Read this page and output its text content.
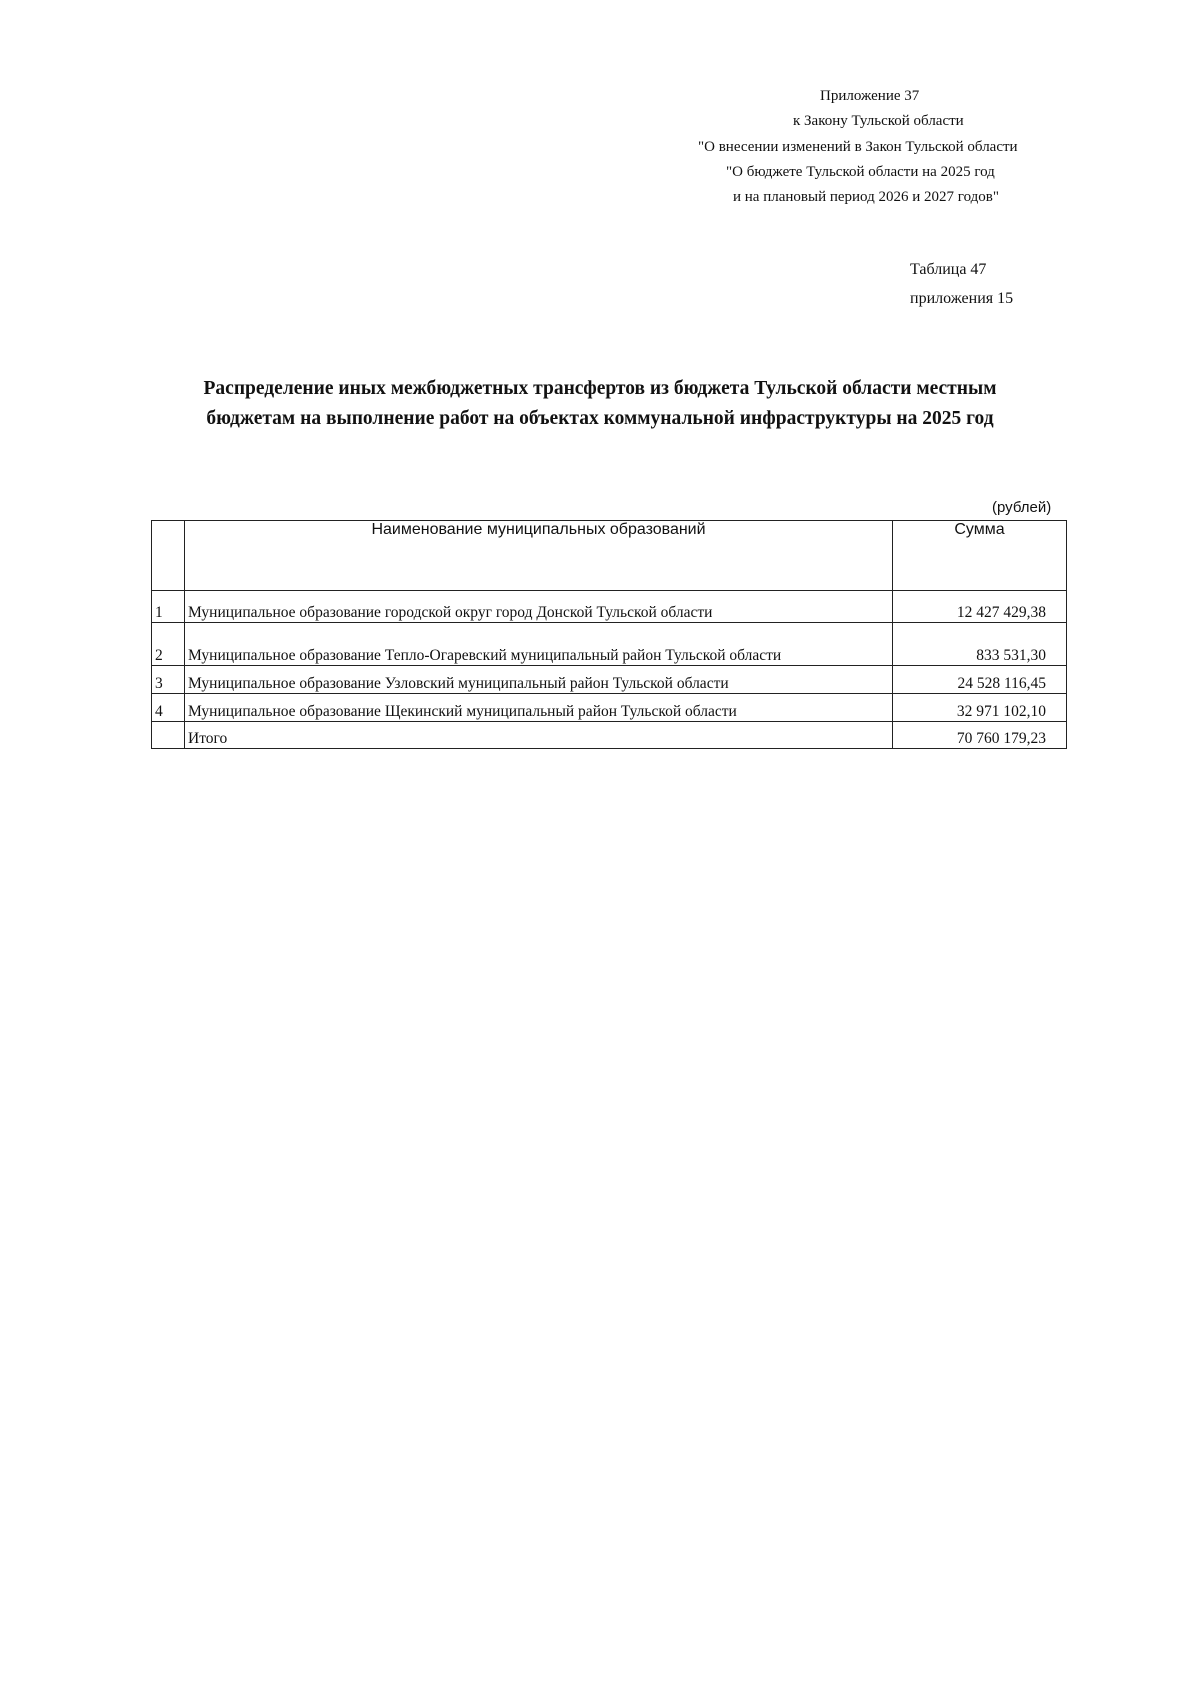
Приложение 37
к Закону Тульской области
"О внесении изменений в Закон Тульской области
"О бюджете Тульской области на 2025 год
и на плановый период 2026 и 2027 годов"
Таблица 47
приложения 15
Распределение иных межбюджетных трансфертов из бюджета Тульской области местным
бюджетам на выполнение работ на объектах коммунальной инфраструктуры на 2025 год
(рублей)
	Наименование муниципальных образований	Сумма
1	Муниципальное образование городской округ город Донской Тульской области	12 427 429,38
2	Муниципальное образование Тепло-Огаревский муниципальный район Тульской области	833 531,30
3	Муниципальное образование Узловский муниципальный район Тульской области	24 528 116,45
4	Муниципальное образование Щекинский муниципальный район Тульской области	32 971 102,10
	Итого	70 760 179,23
